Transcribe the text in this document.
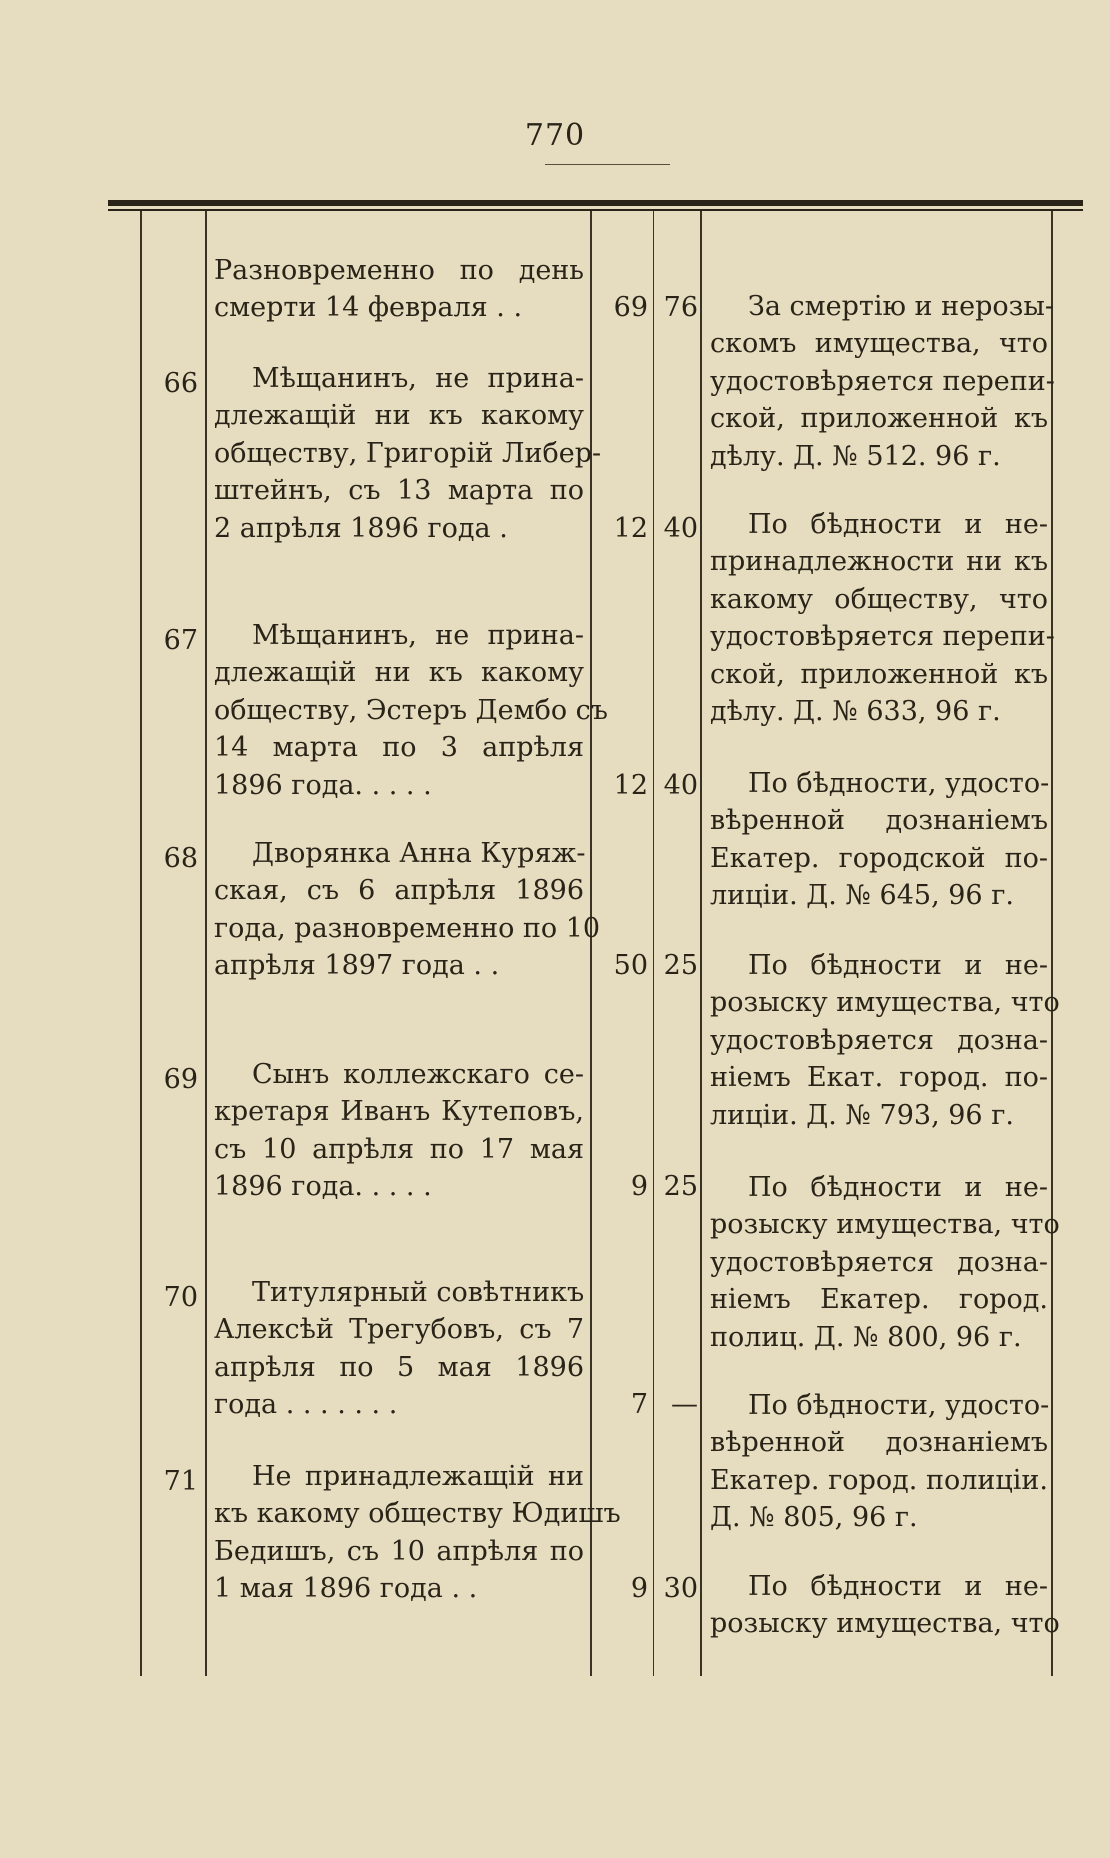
770
Разновременно по день
смерти 14 февраля . .	69 76	За смертію и нерозы-
скомъ имущества, что
удостовѣряется перепи-
ской, приложенной къ
дѣлу. Д. № 512. 96 г.
66	Мѣщанинъ, не прина-
длежащій ни къ какому
обществу, Григорій Либер-
штейнъ, съ 13 марта по
2 апрѣля 1896 года .	12 40	По бѣдности и не-
принадлежности ни къ
какому обществу, что
удостовѣряется перепи-
ской, приложенной къ
дѣлу. Д. № 633, 96 г.
67	Мѣщанинъ, не прина-
длежащій ни къ какому
обществу, Эстеръ Дембо съ
14 марта по 3 апрѣля
1896 года. . . . .	12 40	По бѣдности, удосто-
вѣренной дознаніемъ
Екатер. городской по-
лиціи. Д. № 645, 96 г.
68	Дворянка Анна Куряж-
ская, съ 6 апрѣля 1896
года, разновременно по 10
апрѣля 1897 года . .	50 25	По бѣдности и не-
розыску имущества, что
удостовѣряется дозна-
ніемъ Екат. город. по-
лиціи. Д. № 793, 96 г.
69	Сынъ коллежскаго се-
кретаря Иванъ Кутеповъ,
съ 10 апрѣля по 17 мая
1896 года. . . . .	9 25	По бѣдности и не-
розыску имущества, что
удостовѣряется дозна-
ніемъ Екатер. город.
полиц. Д. № 800, 96 г.
70	Титулярный совѣтникъ
Алексѣй Трегубовъ, съ 7
апрѣля по 5 мая 1896
года . . . . . . .	7 —	По бѣдности, удосто-
вѣренной дознаніемъ
Екатер. город. полиціи.
Д. № 805, 96 г.
71	Не принадлежащій ни
къ какому обществу Юдишъ
Бедишъ, съ 10 апрѣля по
1 мая 1896 года . .	9 30	По бѣдности и не-
розыску имущества, что
